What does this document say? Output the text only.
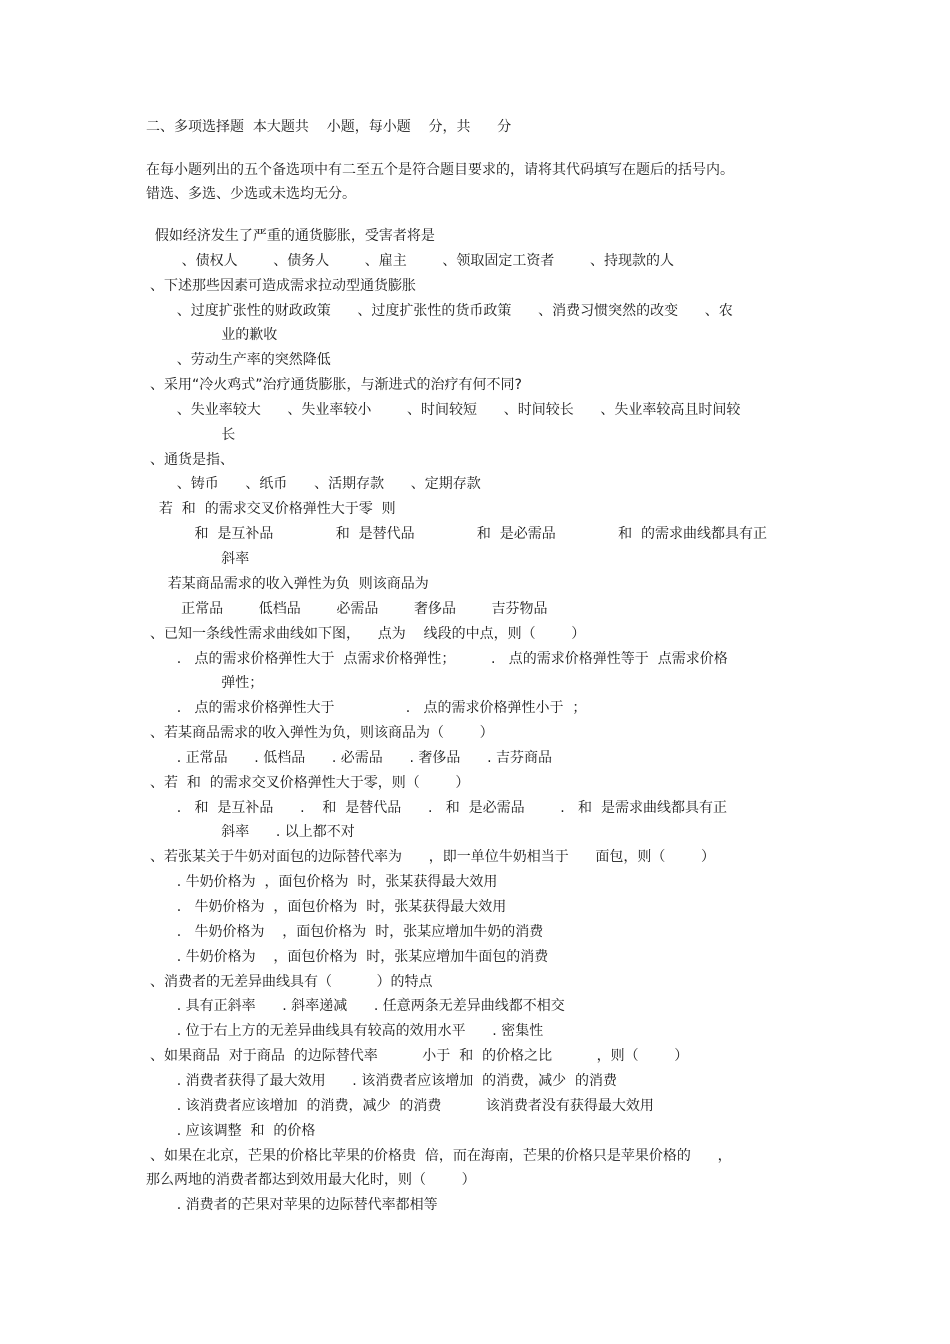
二、多项选择题  本大题共    小题，每小题    分，共      分
在每小题列出的五个备选项中有二至五个是符合题目要求的，请将其代码填写在题后的括号内。
错选、多选、少选或未选均无分。
假如经济发生了严重的通货膨胀，受害者将是
、债权人        、债务人        、雇主        、领取固定工资者        、持现款的人
、下述那些因素可造成需求拉动型通货膨胀
、过度扩张性的财政政策      、过度扩张性的货币政策      、消费习惯突然的改变      、农
业的歉收
、劳动生产率的突然降低
、采用“冷火鸡式”治疗通货膨胀，与渐进式的治疗有何不同?
、失业率较大      、失业率较小        、时间较短      、时间较长      、失业率较高且时间较
长
、通货是指、
、铸币      、纸币      、活期存款      、定期存款
若  和  的需求交叉价格弹性大于零  则
和  是互补品              和  是替代品              和  是必需品              和  的需求曲线都具有正
斜率
若某商品需求的收入弹性为负  则该商品为
正常品        低档品        必需品        奢侈品        吉芬物品
、已知一条线性需求曲线如下图，    点为    线段的中点，则（        ）
.   点的需求价格弹性大于  点需求价格弹性；        .   点的需求价格弹性等于  点需求价格
弹性；
.   点的需求价格弹性大于                .   点的需求价格弹性小于  ；
、若某商品需求的收入弹性为负，则该商品为（        ）
. 正常品      . 低档品      . 必需品      . 奢侈品      . 吉芬商品
、若  和  的需求交叉价格弹性大于零，则（        ）
.   和  是互补品      .    和  是替代品      .   和  是必需品        .   和  是需求曲线都具有正
斜率      . 以上都不对
、若张某关于牛奶对面包的边际替代率为      ，即一单位牛奶相当于      面包，则（        ）
. 牛奶价格为  ，面包价格为  时，张某获得最大效用
.   牛奶价格为  ，面包价格为  时，张某获得最大效用
.   牛奶价格为    ，面包价格为  时，张某应增加牛奶的消费
. 牛奶价格为    ，面包价格为  时，张某应增加牛面包的消费
、消费者的无差异曲线具有（          ）的特点
. 具有正斜率      . 斜率递减      . 任意两条无差异曲线都不相交
. 位于右上方的无差异曲线具有较高的效用水平      . 密集性
、如果商品  对于商品  的边际替代率          小于  和  的价格之比          ，则（        ）
. 消费者获得了最大效用      . 该消费者应该增加  的消费，减少  的消费
. 该消费者应该增加  的消费，减少  的消费          该消费者没有获得最大效用
. 应该调整  和  的价格
、如果在北京，芒果的价格比苹果的价格贵  倍，而在海南，芒果的价格只是苹果价格的      ，
那么两地的消费者都达到效用最大化时，则（        ）
. 消费者的芒果对苹果的边际替代率都相等
